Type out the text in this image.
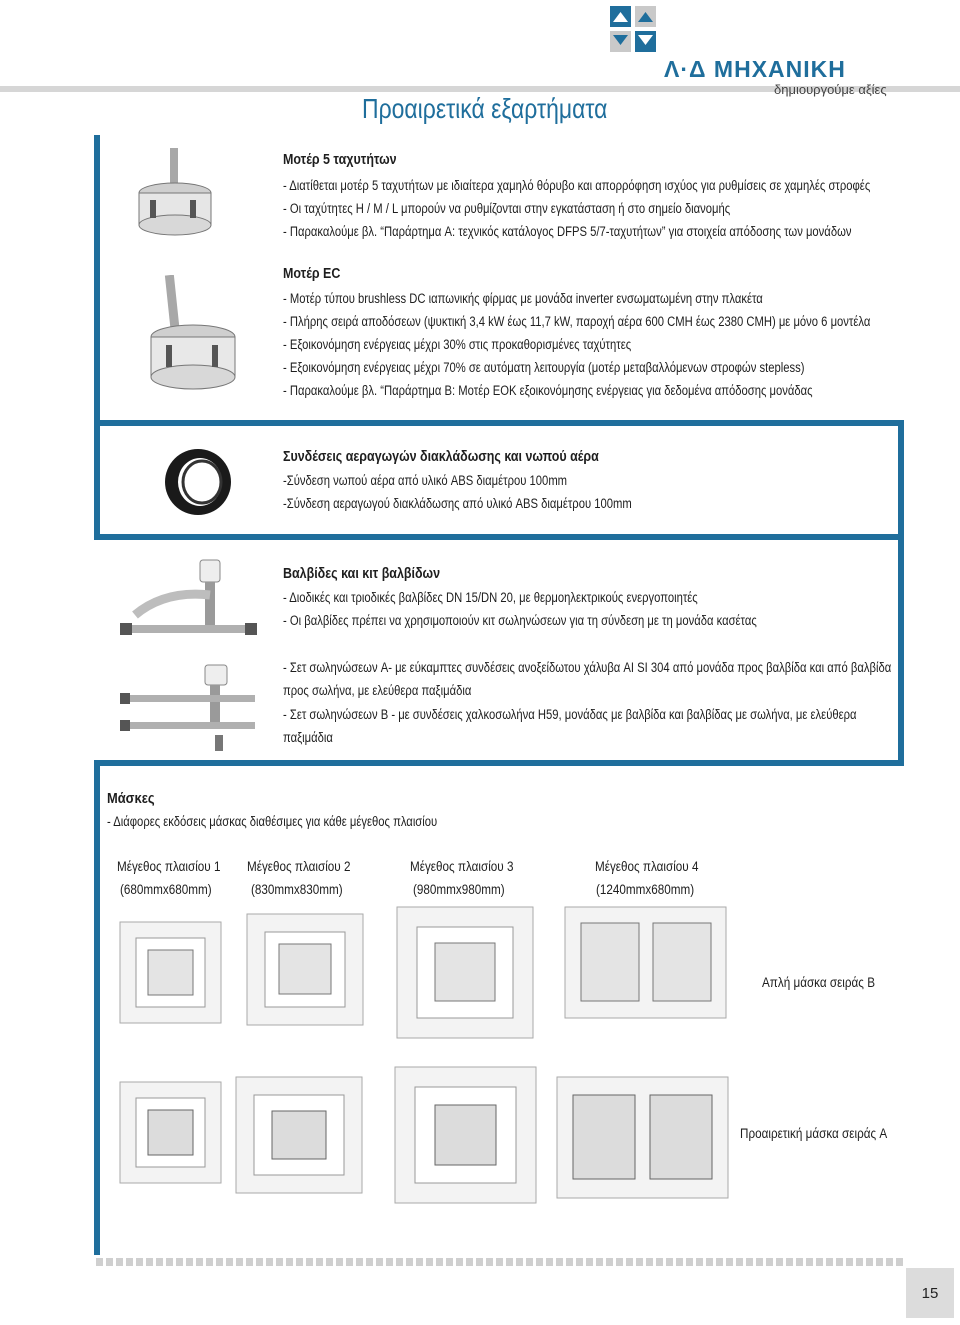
Λ·Δ ΜΗΧΑΝΙΚΗ
δημιουργούμε αξίες
Προαιρετικά εξαρτήματα
Μοτέρ 5 ταχυτήτων
- Διατίθεται μοτέρ 5 ταχυτήτων με ιδιαίτερα χαμηλό θόρυβο και απορρόφηση ισχύος για ρυθμίσεις σε χαμηλές στροφές
- Οι ταχύτητες H / M / L μπορούν να ρυθμίζονται στην εγκατάσταση ή στο σημείο διανομής
- Παρακαλούμε βλ. “Παράρτημα A: τεχνικός κατάλογος DFPS 5/7-ταχυτήτων” για στοιχεία απόδοσης των μονάδων
Μοτέρ EC
- Μοτέρ τύπου brushless DC ιαπωνικής φίρμας με μονάδα inverter ενσωματωμένη στην πλακέτα
- Πλήρης σειρά αποδόσεων (ψυκτική 3,4 kW έως 11,7 kW, παροχή αέρα 600 CMH έως 2380 CMH) με μόνο 6 μοντέλα
- Εξοικονόμηση ενέργειας μέχρι 30% στις προκαθορισμένες ταχύτητες
- Εξοικονόμηση ενέργειας μέχρι 70% σε αυτόματη λειτουργία (μοτέρ μεταβαλλόμενων στροφών stepless)
- Παρακαλούμε βλ. “Παράρτημα B: Μοτέρ EOK εξοικονόμησης ενέργειας για δεδομένα απόδοσης μονάδας
Συνδέσεις αεραγωγών διακλάδωσης και νωπού αέρα
-Σύνδεση νωπού αέρα από υλικό ABS διαμέτρου 100mm
-Σύνδεση αεραγωγού διακλάδωσης από υλικό ABS διαμέτρου 100mm
Βαλβίδες και κιτ βαλβίδων
- Διοδικές και τριοδικές βαλβίδες DN 15/DN 20, με θερμοηλεκτρικούς ενεργοποιητές
- Οι βαλβίδες πρέπει να χρησιμοποιούν κιτ σωληνώσεων για τη σύνδεση με τη μονάδα κασέτας
- Σετ σωληνώσεων A- με εύκαμπτες συνδέσεις ανοξείδωτου χάλυβα AI SI 304 από μονάδα προς βαλβίδα και από βαλβίδα
προς σωλήνα, με ελεύθερα παξιμάδια
- Σετ σωληνώσεων B - με συνδέσεις χαλκοσωλήνα H59, μονάδας με βαλβίδα και βαλβίδας με σωλήνα, με ελεύθερα
παξιμάδια
Μάσκες
- Διάφορες εκδόσεις μάσκας διαθέσιμες για κάθε μέγεθος πλαισίου
Μέγεθος πλαισίου 1
(680mmx680mm)
Μέγεθος πλαισίου 2
(830mmx830mm)
Μέγεθος πλαισίου 3
(980mmx980mm)
Μέγεθος πλαισίου 4
(1240mmx680mm)
Απλή μάσκα σειράς B
Προαιρετική μάσκα σειράς A
15
